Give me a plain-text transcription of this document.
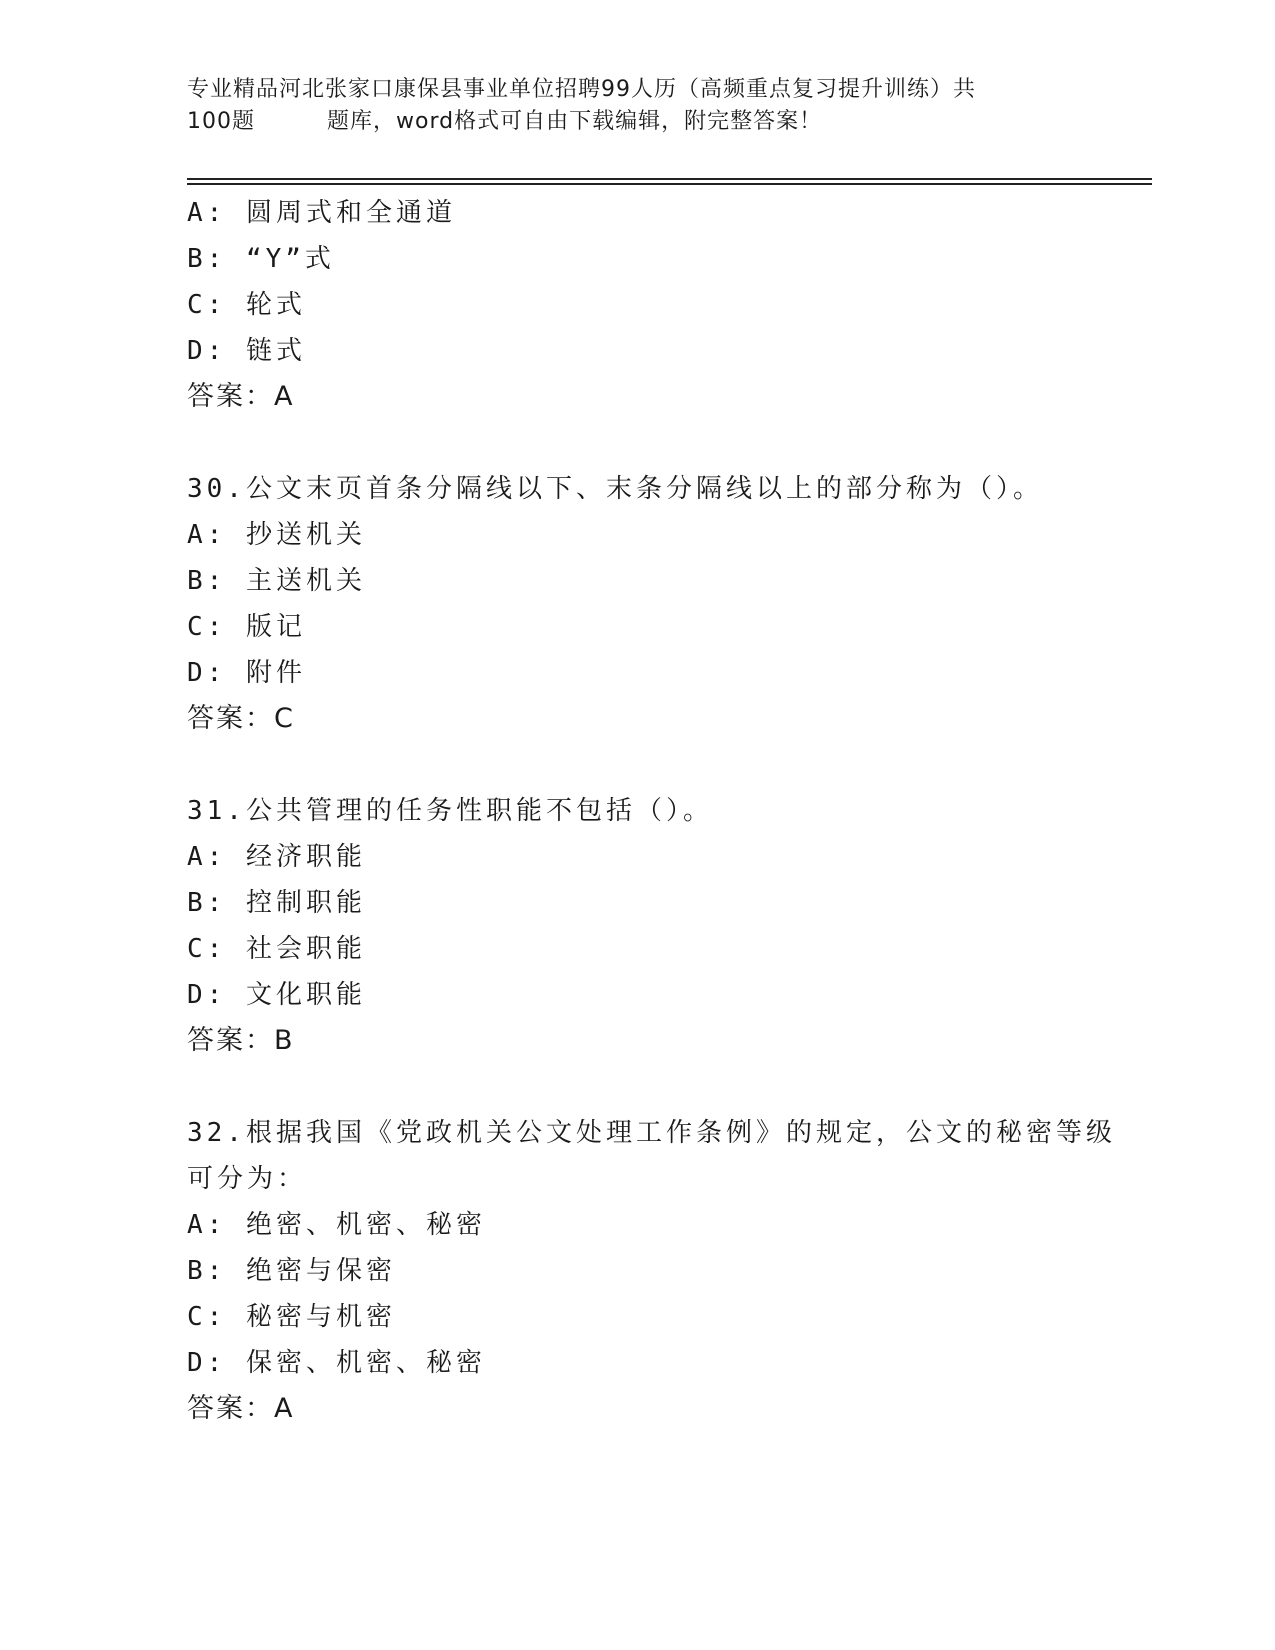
专业精品河北张家口康保县事业单位招聘99人历（高频重点复习提升训练）共
100题	题库，word格式可自由下载编辑，附完整答案！
A: 圆周式和全通道
B: “Y”式
C: 轮式
D: 链式
答案：A
30.公文末页首条分隔线以下、末条分隔线以上的部分称为（）。
A: 抄送机关
B: 主送机关
C: 版记
D: 附件
答案：C
31.公共管理的任务性职能不包括（）。
A: 经济职能
B: 控制职能
C: 社会职能
D: 文化职能
答案：B
32.根据我国《党政机关公文处理工作条例》的规定，公文的秘密等级
可分为：
A: 绝密、机密、秘密
B: 绝密与保密
C: 秘密与机密
D: 保密、机密、秘密
答案：A
